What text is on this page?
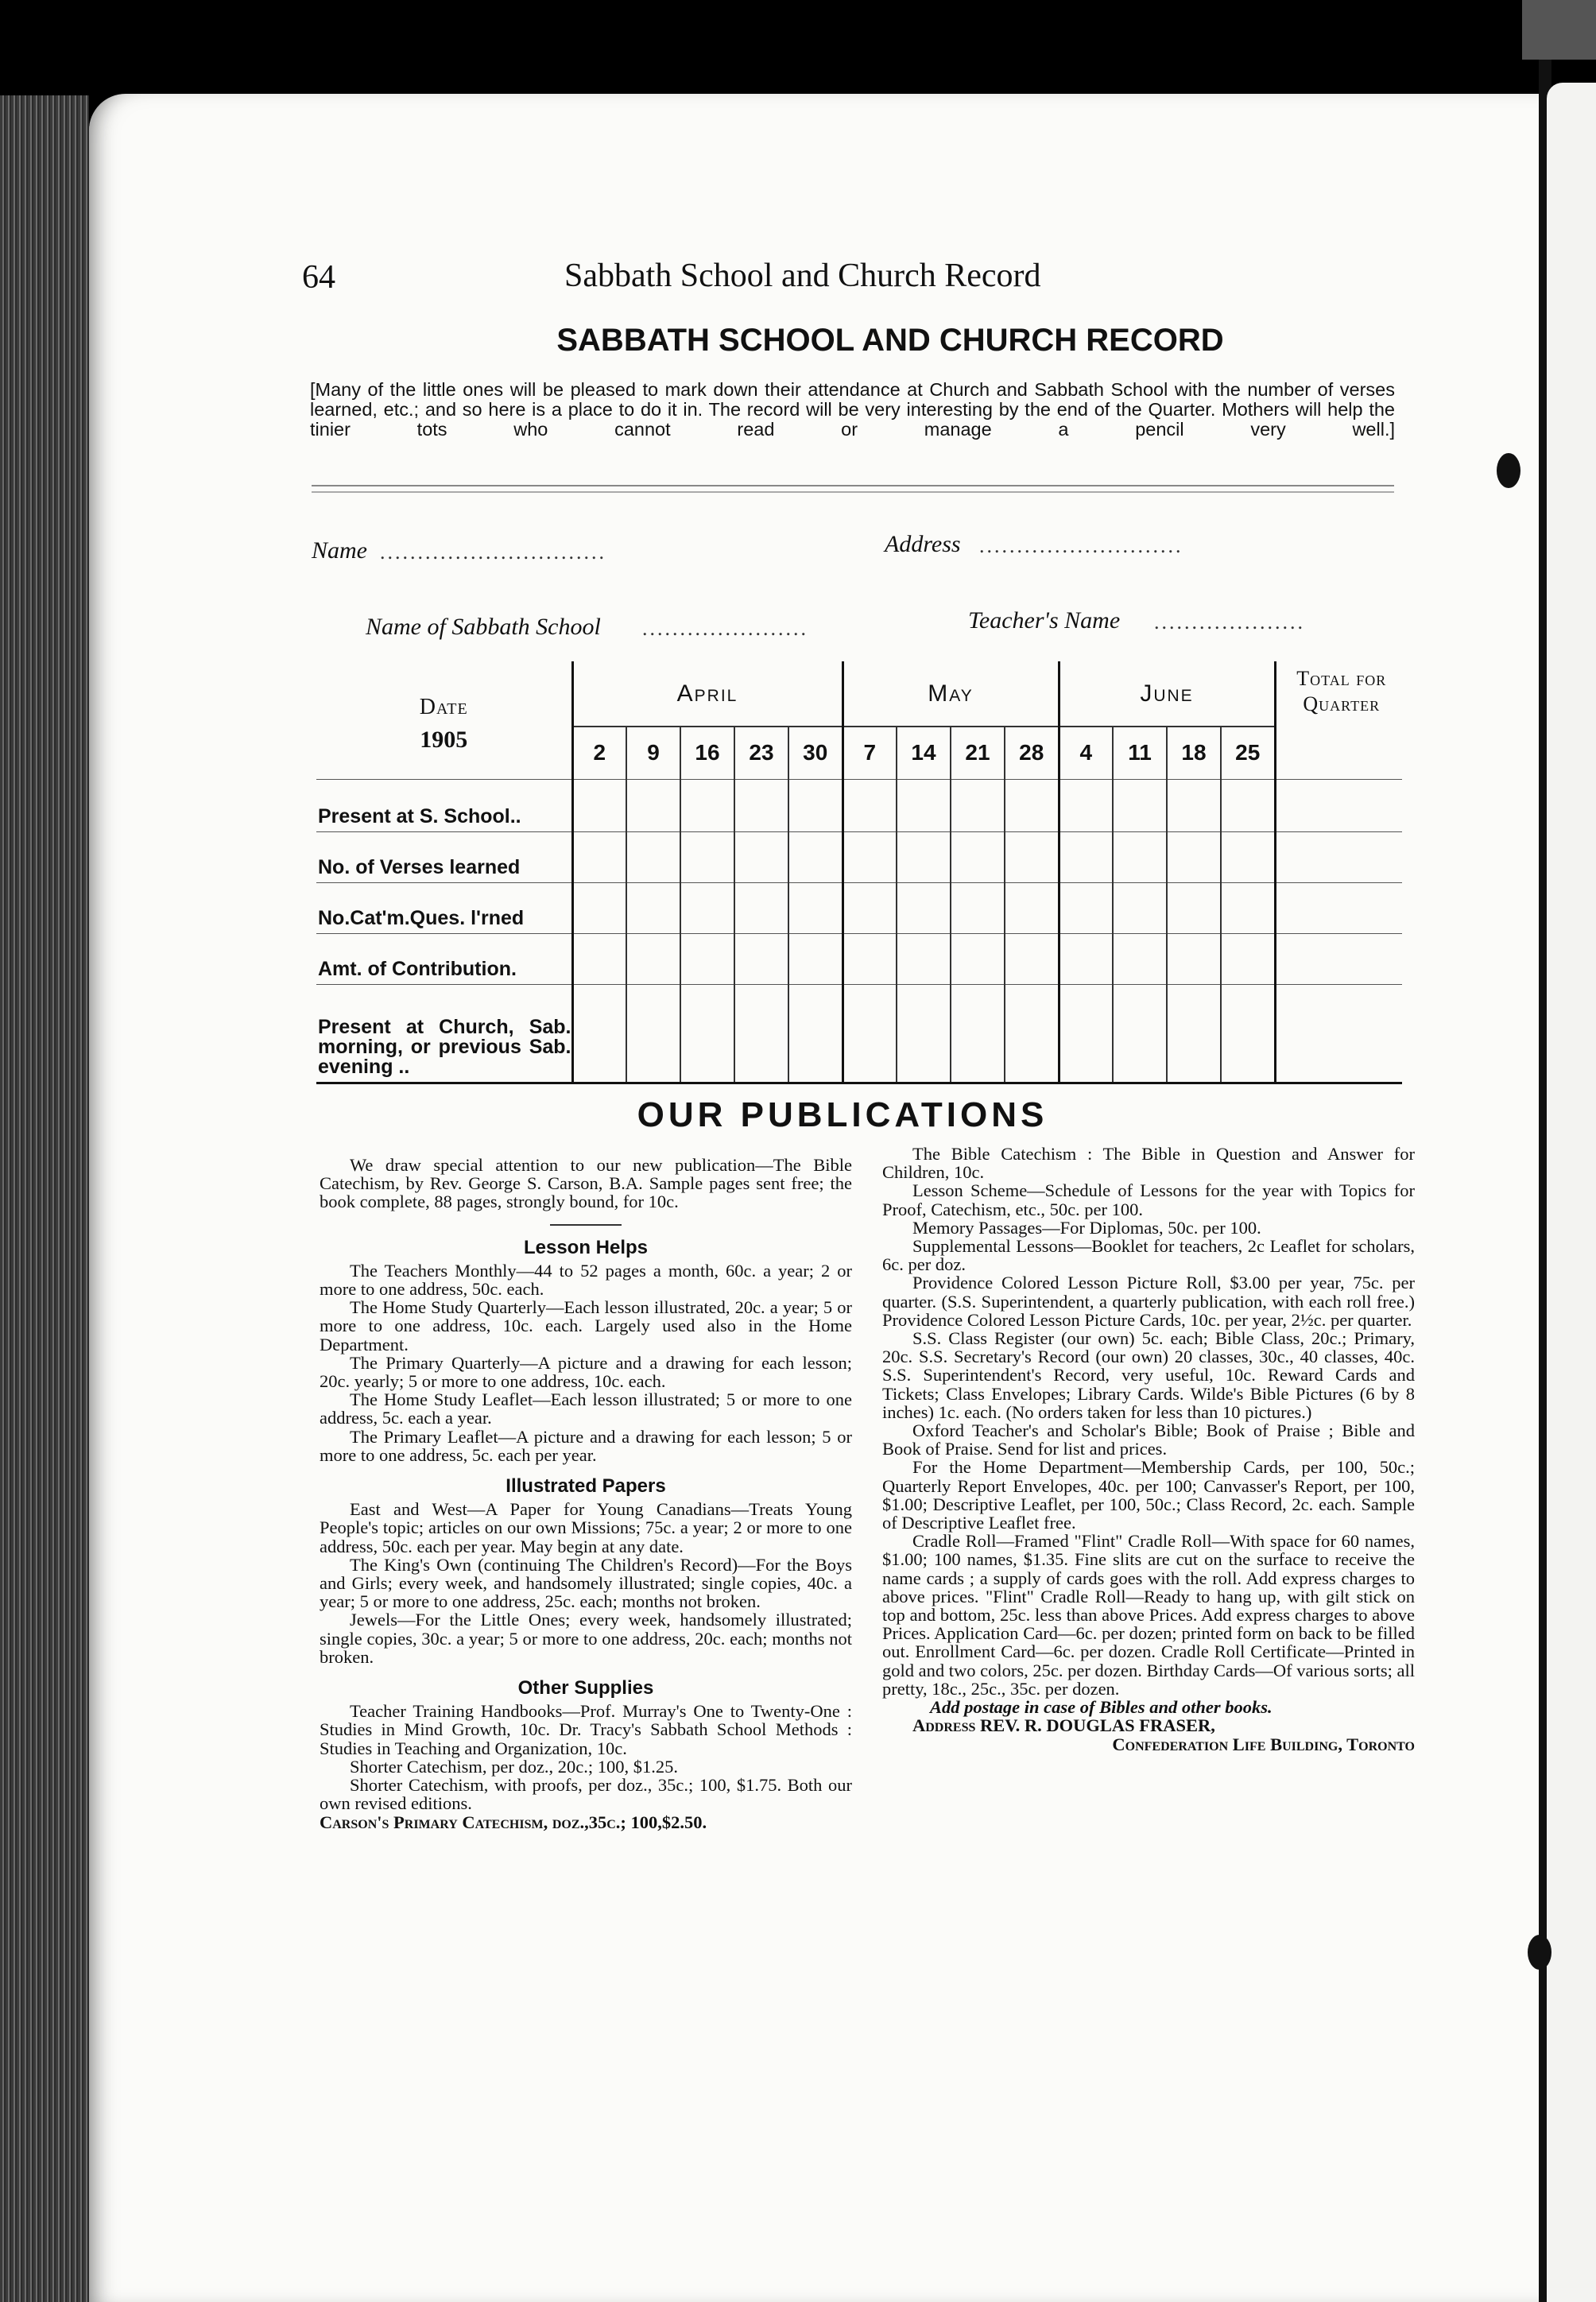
64	Sabbath School and Church Record
SABBATH SCHOOL AND CHURCH RECORD
[Many of the little ones will be pleased to mark down their attendance at Church and Sabbath School with the number of verses learned, etc.; and so here is a place to do it in. The record will be very interesting by the end of the Quarter. Mothers will help the tinier tots who cannot read or manage a pencil very well.]
Name ..............................	Address ...........................
Name of Sabbath School ......................	Teacher's Name ....................
Date	April					May				June				Total for Quarter
1905	2	9	16	23	30	7	14	21	28	4	11	18	25	
Present at S. School..														
No. of Verses learned														
No.Cat'm.Ques. l'rned														
Amt. of Contribution.														
Present at Church, Sab. morning, or previous Sab. evening ..														
OUR PUBLICATIONS

We draw special attention to our new publication—The Bible Catechism, by Rev. George S. Carson, B.A. Sample pages sent free; the book complete, 88 pages, strongly bound, for 10c.

Lesson Helps

The Teachers Monthly—44 to 52 pages a month, 60c. a year; 2 or more to one address, 50c. each.

The Home Study Quarterly—Each lesson illustrated, 20c. a year; 5 or more to one address, 10c. each. Largely used also in the Home Department.

The Primary Quarterly—A picture and a drawing for each lesson; 20c. yearly; 5 or more to one address, 10c. each.

The Home Study Leaflet—Each lesson illustrated; 5 or more to one address, 5c. each a year.

The Primary Leaflet—A picture and a drawing for each lesson; 5 or more to one address, 5c. each per year.

Illustrated Papers

East and West—A Paper for Young Canadians—Treats Young People's topic; articles on our own Missions; 75c. a year; 2 or more to one address, 50c. each per year. May begin at any date.

The King's Own (continuing The Children's Record)—For the Boys and Girls; every week, and handsomely illustrated; single copies, 40c. a year; 5 or more to one address, 25c. each; months not broken.

Jewels—For the Little Ones; every week, handsomely illustrated; single copies, 30c. a year; 5 or more to one address, 20c. each; months not broken.

Other Supplies

Teacher Training Handbooks—Prof. Murray's One to Twenty-One : Studies in Mind Growth, 10c. Dr. Tracy's Sabbath School Methods : Studies in Teaching and Organization, 10c.

Shorter Catechism, per doz., 20c.; 100, $1.25.

Shorter Catechism, with proofs, per doz., 35c.; 100, $1.75. Both our own revised editions.

Carson's Primary Catechism, doz.,35c.; 100,$2.50.

The Bible Catechism : The Bible in Question and Answer for Children, 10c.

Lesson Scheme—Schedule of Lessons for the year with Topics for Proof, Catechism, etc., 50c. per 100.

Memory Passages—For Diplomas, 50c. per 100.

Supplemental Lessons—Booklet for teachers, 2c Leaflet for scholars, 6c. per doz.

Providence Colored Lesson Picture Roll, $3.00 per year, 75c. per quarter. (S.S. Superintendent, a quarterly publication, with each roll free.) Providence Colored Lesson Picture Cards, 10c. per year, 2½c. per quarter.

S.S. Class Register (our own) 5c. each; Bible Class, 20c.; Primary, 20c. S.S. Secretary's Record (our own) 20 classes, 30c., 40 classes, 40c. S.S. Superintendent's Record, very useful, 10c. Reward Cards and Tickets; Class Envelopes; Library Cards. Wilde's Bible Pictures (6 by 8 inches) 1c. each. (No orders taken for less than 10 pictures.)

Oxford Teacher's and Scholar's Bible; Book of Praise ; Bible and Book of Praise. Send for list and prices.

For the Home Department—Membership Cards, per 100, 50c.; Quarterly Report Envelopes, 40c. per 100; Canvasser's Report, per 100, $1.00; Descriptive Leaflet, per 100, 50c.; Class Record, 2c. each. Sample of Descriptive Leaflet free.

Cradle Roll—Framed "Flint" Cradle Roll—With space for 60 names, $1.00; 100 names, $1.35. Fine slits are cut on the surface to receive the name cards ; a supply of cards goes with the roll. Add express charges to above prices. "Flint" Cradle Roll—Ready to hang up, with gilt stick on top and bottom, 25c. less than above Prices. Add express charges to above Prices. Application Card—6c. per dozen; printed form on back to be filled out. Enrollment Card—6c. per dozen. Cradle Roll Certificate—Printed in gold and two colors, 25c. per dozen. Birthday Cards—Of various sorts; all pretty, 18c., 25c., 35c. per dozen.

Add postage in case of Bibles and other books.

Address REV. R. DOUGLAS FRASER,

Confederation Life Building, Toronto
